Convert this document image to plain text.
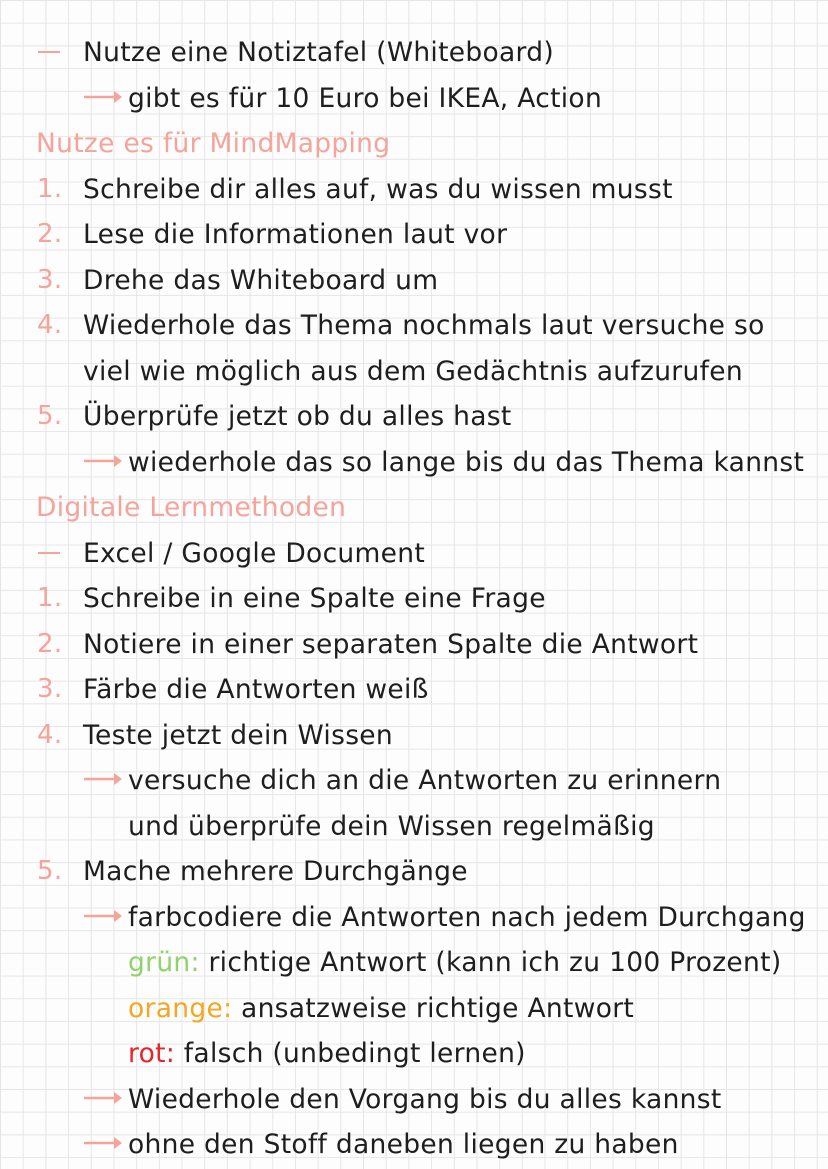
Nutze eine Notiztafel (Whiteboard)
gibt es für 10 Euro bei IKEA, Action
Nutze es für MindMapping
1. Schreibe dir alles auf, was du wissen musst
2. Lese die Informationen laut vor
3. Drehe das Whiteboard um
4. Wiederhole das Thema nochmals laut versuche so
viel wie möglich aus dem Gedächtnis aufzurufen
5. Überprüfe jetzt ob du alles hast
wiederhole das so lange bis du das Thema kannst
Digitale Lernmethoden
Excel / Google Document
1. Schreibe in eine Spalte eine Frage
2. Notiere in einer separaten Spalte die Antwort
3. Färbe die Antworten weiß
4. Teste jetzt dein Wissen
versuche dich an die Antworten zu erinnern
und überprüfe dein Wissen regelmäßig
5. Mache mehrere Durchgänge
farbcodiere die Antworten nach jedem Durchgang
grün: richtige Antwort (kann ich zu 100 Prozent)
orange: ansatzweise richtige Antwort
rot: falsch (unbedingt lernen)
Wiederhole den Vorgang bis du alles kannst
ohne den Stoff daneben liegen zu haben
